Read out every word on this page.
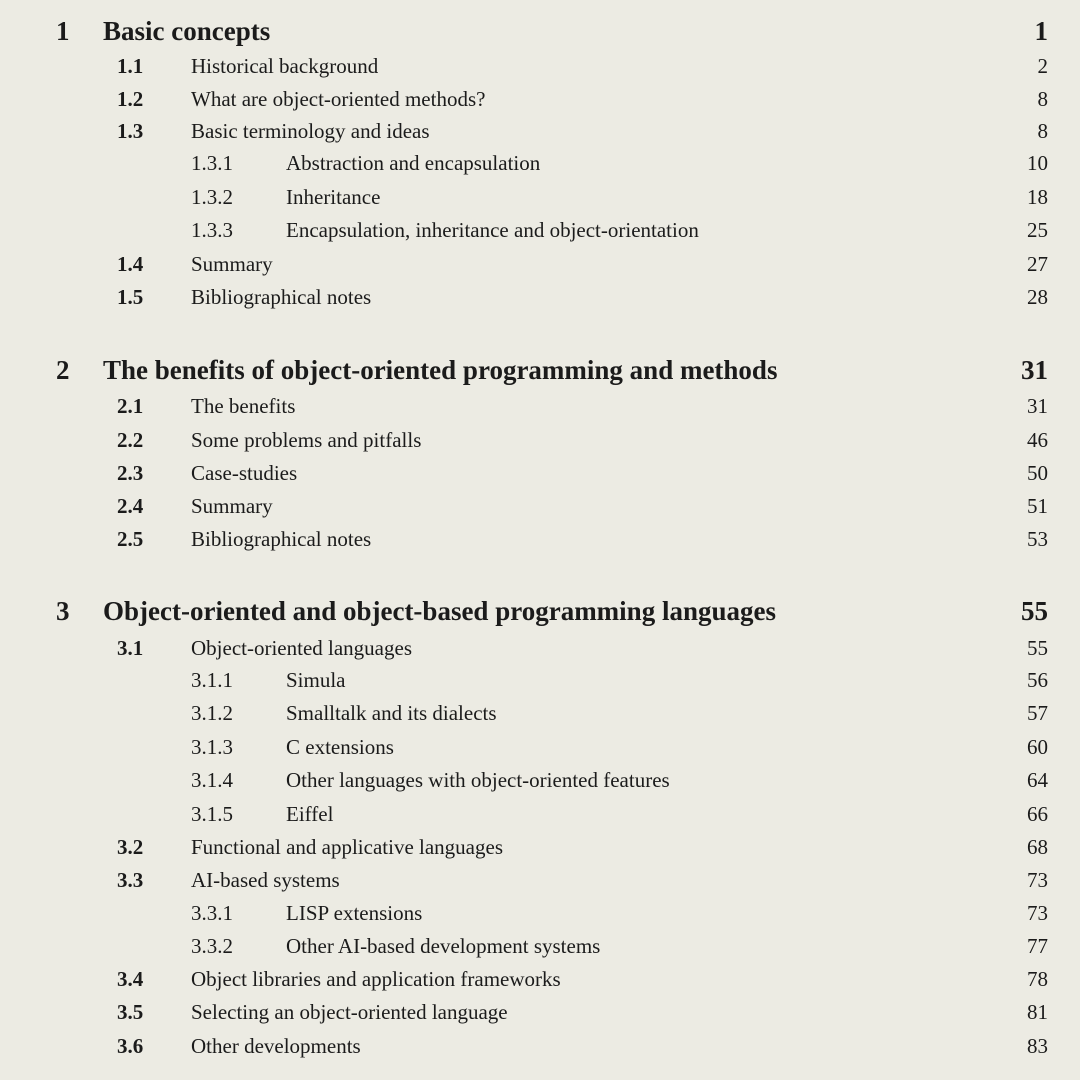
1 Basic concepts	1
1.1 Historical background	2
1.2 What are object-oriented methods?	8
1.3 Basic terminology and ideas	8
1.3.1	Abstraction and encapsulation	10
1.3.2	Inheritance	18
1.3.3	Encapsulation, inheritance and object-orientation	25
1.4 Summary	27
1.5 Bibliographical notes	28
2 The benefits of object-oriented programming and methods	31
2.1 The benefits	31
2.2 Some problems and pitfalls	46
2.3 Case-studies	50
2.4 Summary	51
2.5 Bibliographical notes	53
3 Object-oriented and object-based programming languages	55
3.1 Object-oriented languages	55
3.1.1	Simula	56
3.1.2	Smalltalk and its dialects	57
3.1.3	C extensions	60
3.1.4	Other languages with object-oriented features	64
3.1.5	Eiffel	66
3.2 Functional and applicative languages	68
3.3 AI-based systems	73
3.3.1	LISP extensions	73
3.3.2	Other AI-based development systems	77
3.4 Object libraries and application frameworks	78
3.5 Selecting an object-oriented language	81
3.6 Other developments	83
